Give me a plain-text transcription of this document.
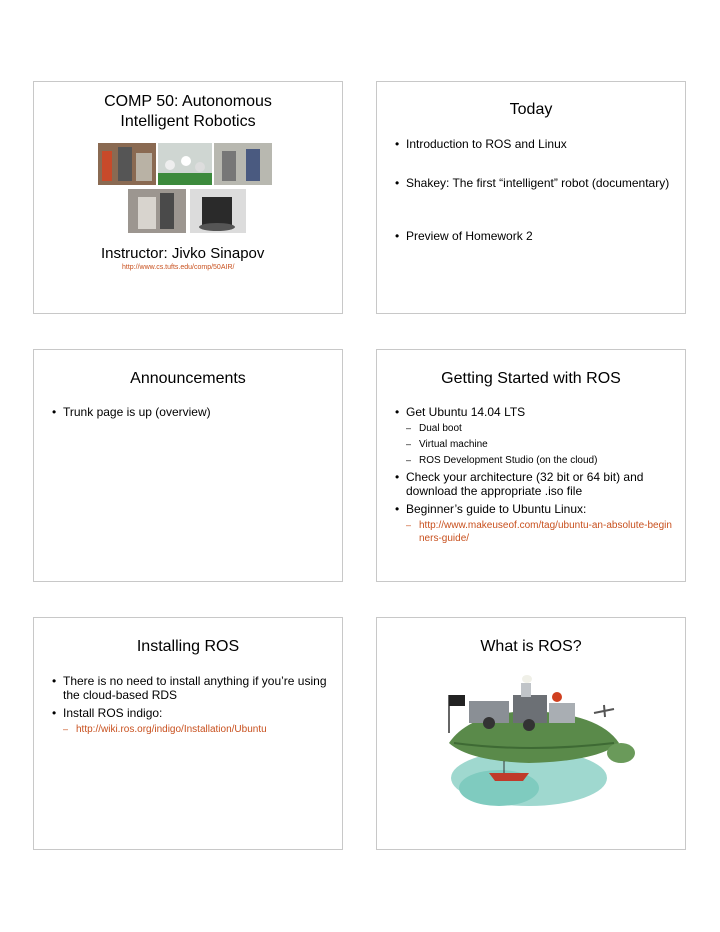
COMP 50: Autonomous
Intelligent Robotics
Instructor: Jivko Sinapov
http://www.cs.tufts.edu/comp/50AIR/
Today
• Introduction to ROS and Linux
• Shakey: The first “intelligent” robot (documentary)
• Preview of Homework 2
Announcements
• Trunk page is up (overview)
Getting Started with ROS
• Get Ubuntu 14.04 LTS
– Dual boot
– Virtual machine
– ROS Development Studio (on the cloud)
• Check your architecture (32 bit or 64 bit) and download the appropriate .iso file
• Beginner’s guide to Ubuntu Linux:
– http://www.makeuseof.com/tag/ubuntu-an-absolute-beginners-guide/
Installing ROS
• There is no need to install anything if you’re using the cloud-based RDS
• Install ROS indigo:
– http://wiki.ros.org/indigo/Installation/Ubuntu
What is ROS?
